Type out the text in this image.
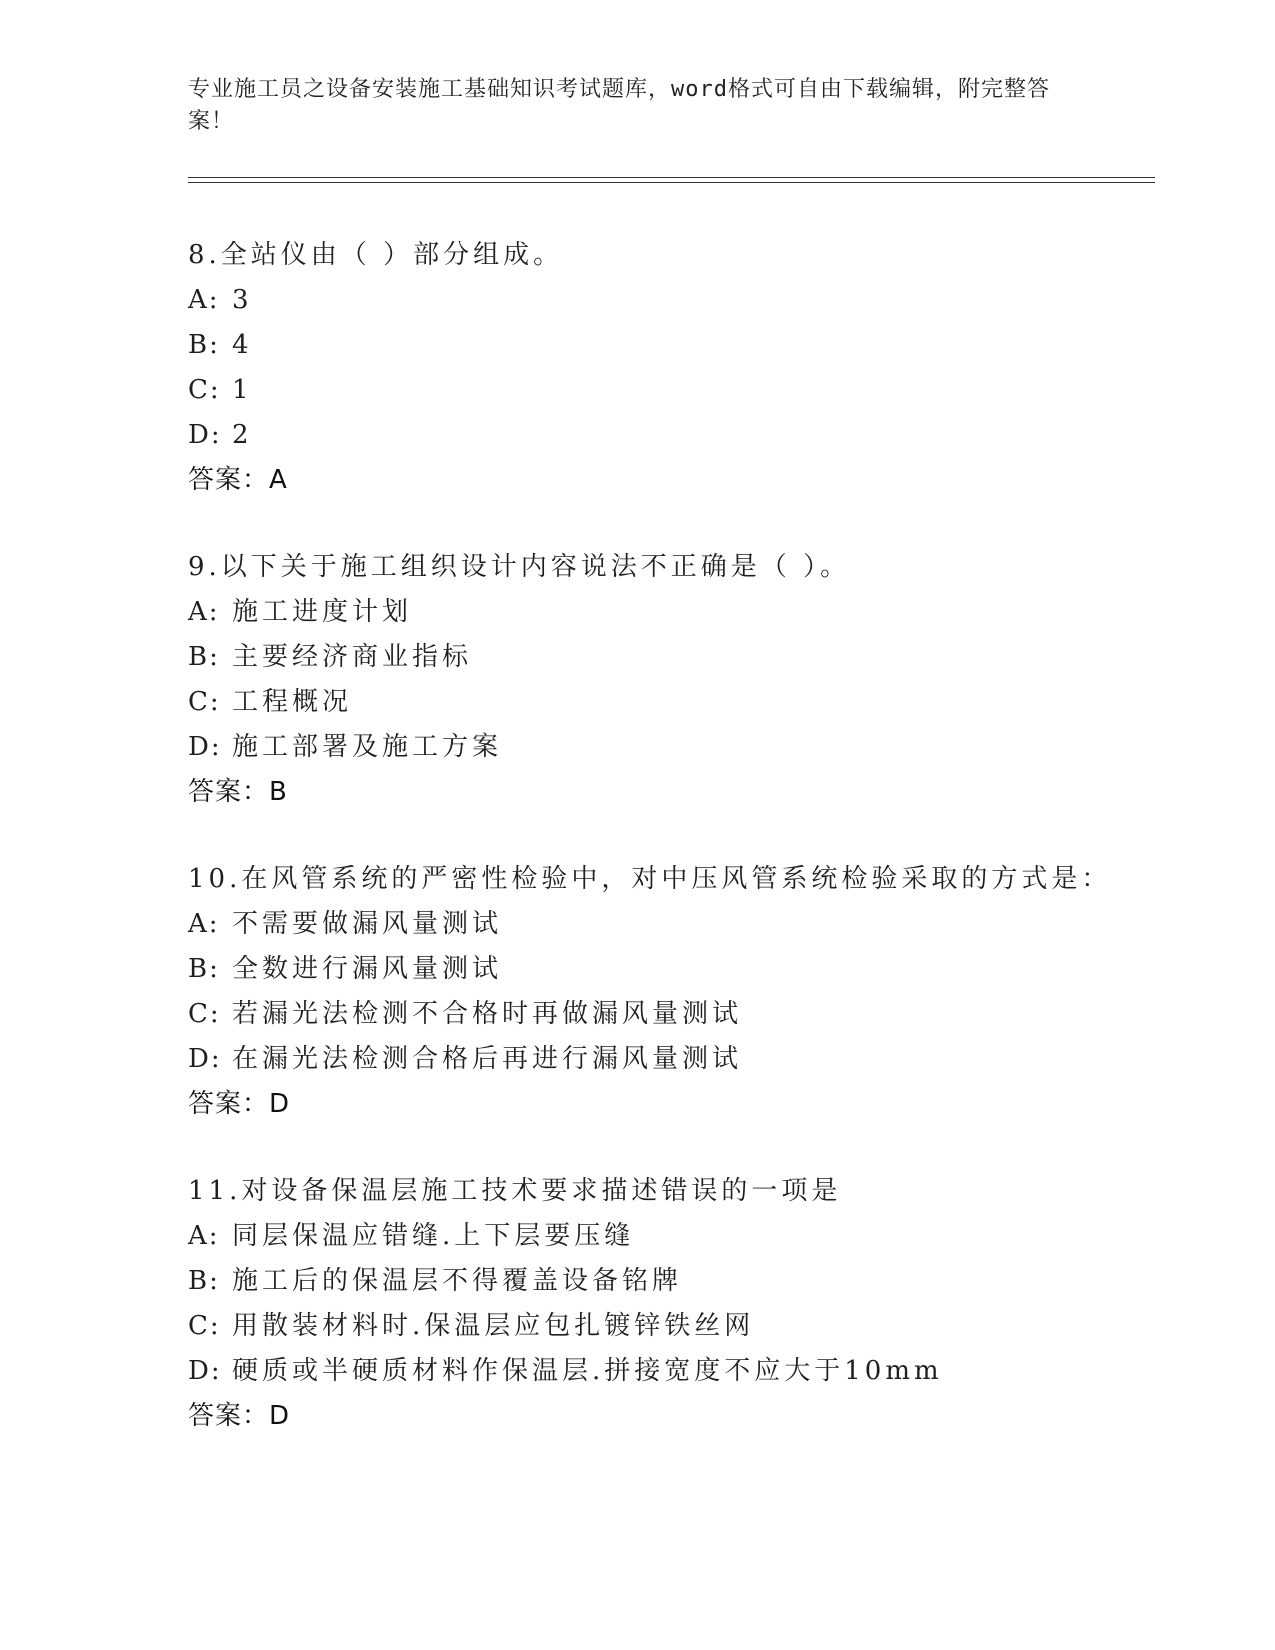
专业施工员之设备安装施工基础知识考试题库，word格式可自由下载编辑，附完整答案！
8.全站仪由（ ）部分组成。
A: 3
B: 4
C: 1
D: 2
答案：A
9.以下关于施工组织设计内容说法不正确是（ ）。
A: 施工进度计划
B: 主要经济商业指标
C: 工程概况
D: 施工部署及施工方案
答案：B
10.在风管系统的严密性检验中，对中压风管系统检验采取的方式是：
A: 不需要做漏风量测试
B: 全数进行漏风量测试
C: 若漏光法检测不合格时再做漏风量测试
D: 在漏光法检测合格后再进行漏风量测试
答案：D
11.对设备保温层施工技术要求描述错误的一项是
A: 同层保温应错缝.上下层要压缝
B: 施工后的保温层不得覆盖设备铭牌
C: 用散装材料时.保温层应包扎镀锌铁丝网
D: 硬质或半硬质材料作保温层.拼接宽度不应大于10mm
答案：D
